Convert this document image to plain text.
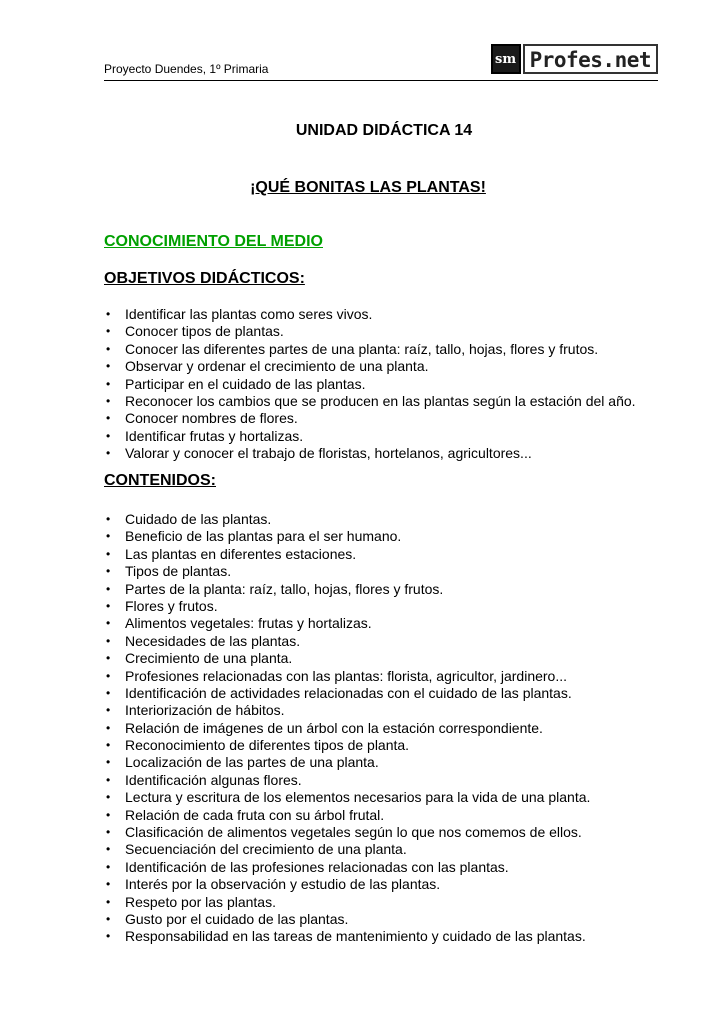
Proyecto Duendes, 1º Primaria
sm Profes.net
UNIDAD DIDÁCTICA 14
¡QUÉ BONITAS LAS PLANTAS!
CONOCIMIENTO DEL MEDIO
OBJETIVOS DIDÁCTICOS:
• Identificar las plantas como seres vivos.
• Conocer tipos de plantas.
• Conocer las diferentes partes de una planta: raíz, tallo, hojas, flores y frutos.
• Observar y ordenar el crecimiento de una planta.
• Participar en el cuidado de las plantas.
• Reconocer los cambios que se producen en las plantas según la estación del año.
• Conocer nombres de flores.
• Identificar frutas y hortalizas.
• Valorar y conocer el trabajo de floristas, hortelanos, agricultores...
CONTENIDOS:
• Cuidado de las plantas.
• Beneficio de las plantas para el ser humano.
• Las plantas en diferentes estaciones.
• Tipos de plantas.
• Partes de la planta: raíz, tallo, hojas, flores y frutos.
• Flores y frutos.
• Alimentos vegetales: frutas y hortalizas.
• Necesidades de las plantas.
• Crecimiento de una planta.
• Profesiones relacionadas con las plantas: florista, agricultor, jardinero...
• Identificación de actividades relacionadas con el cuidado de las plantas.
• Interiorización de hábitos.
• Relación de imágenes de un árbol con la estación correspondiente.
• Reconocimiento de diferentes tipos de planta.
• Localización de las partes de una planta.
• Identificación algunas flores.
• Lectura y escritura de los elementos necesarios para la vida de una planta.
• Relación de cada fruta con su árbol frutal.
• Clasificación de alimentos vegetales según lo que nos comemos de ellos.
• Secuenciación del crecimiento de una planta.
• Identificación de las profesiones relacionadas con las plantas.
• Interés por la observación y estudio de las plantas.
• Respeto por las plantas.
• Gusto por el cuidado de las plantas.
• Responsabilidad en las tareas de mantenimiento y cuidado de las plantas.
